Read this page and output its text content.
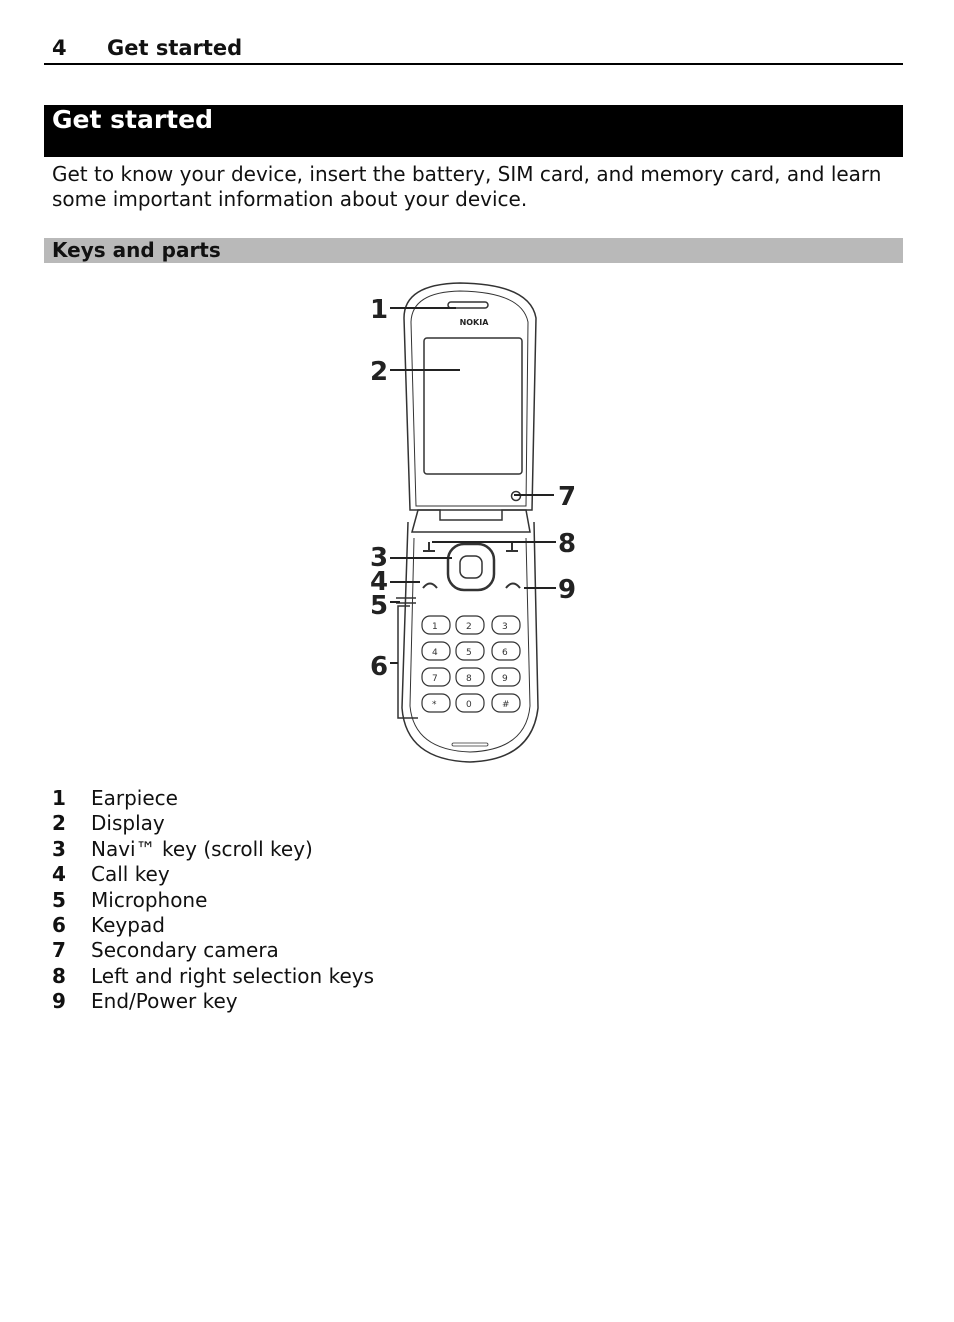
4 Get started
Get started

Get to know your device, insert the battery, SIM card, and memory card, and learn some important information about your device.

Keys and parts
1	2	3
4	5	6
7	8	9
*	0	#
1
2
3
4
5
6
7
8
9
NOKIA
1 Earpiece
2 Display
3 Navi™ key (scroll key)
4 Call key
5 Microphone
6 Keypad
7 Secondary camera
8 Left and right selection keys
9 End/Power key
